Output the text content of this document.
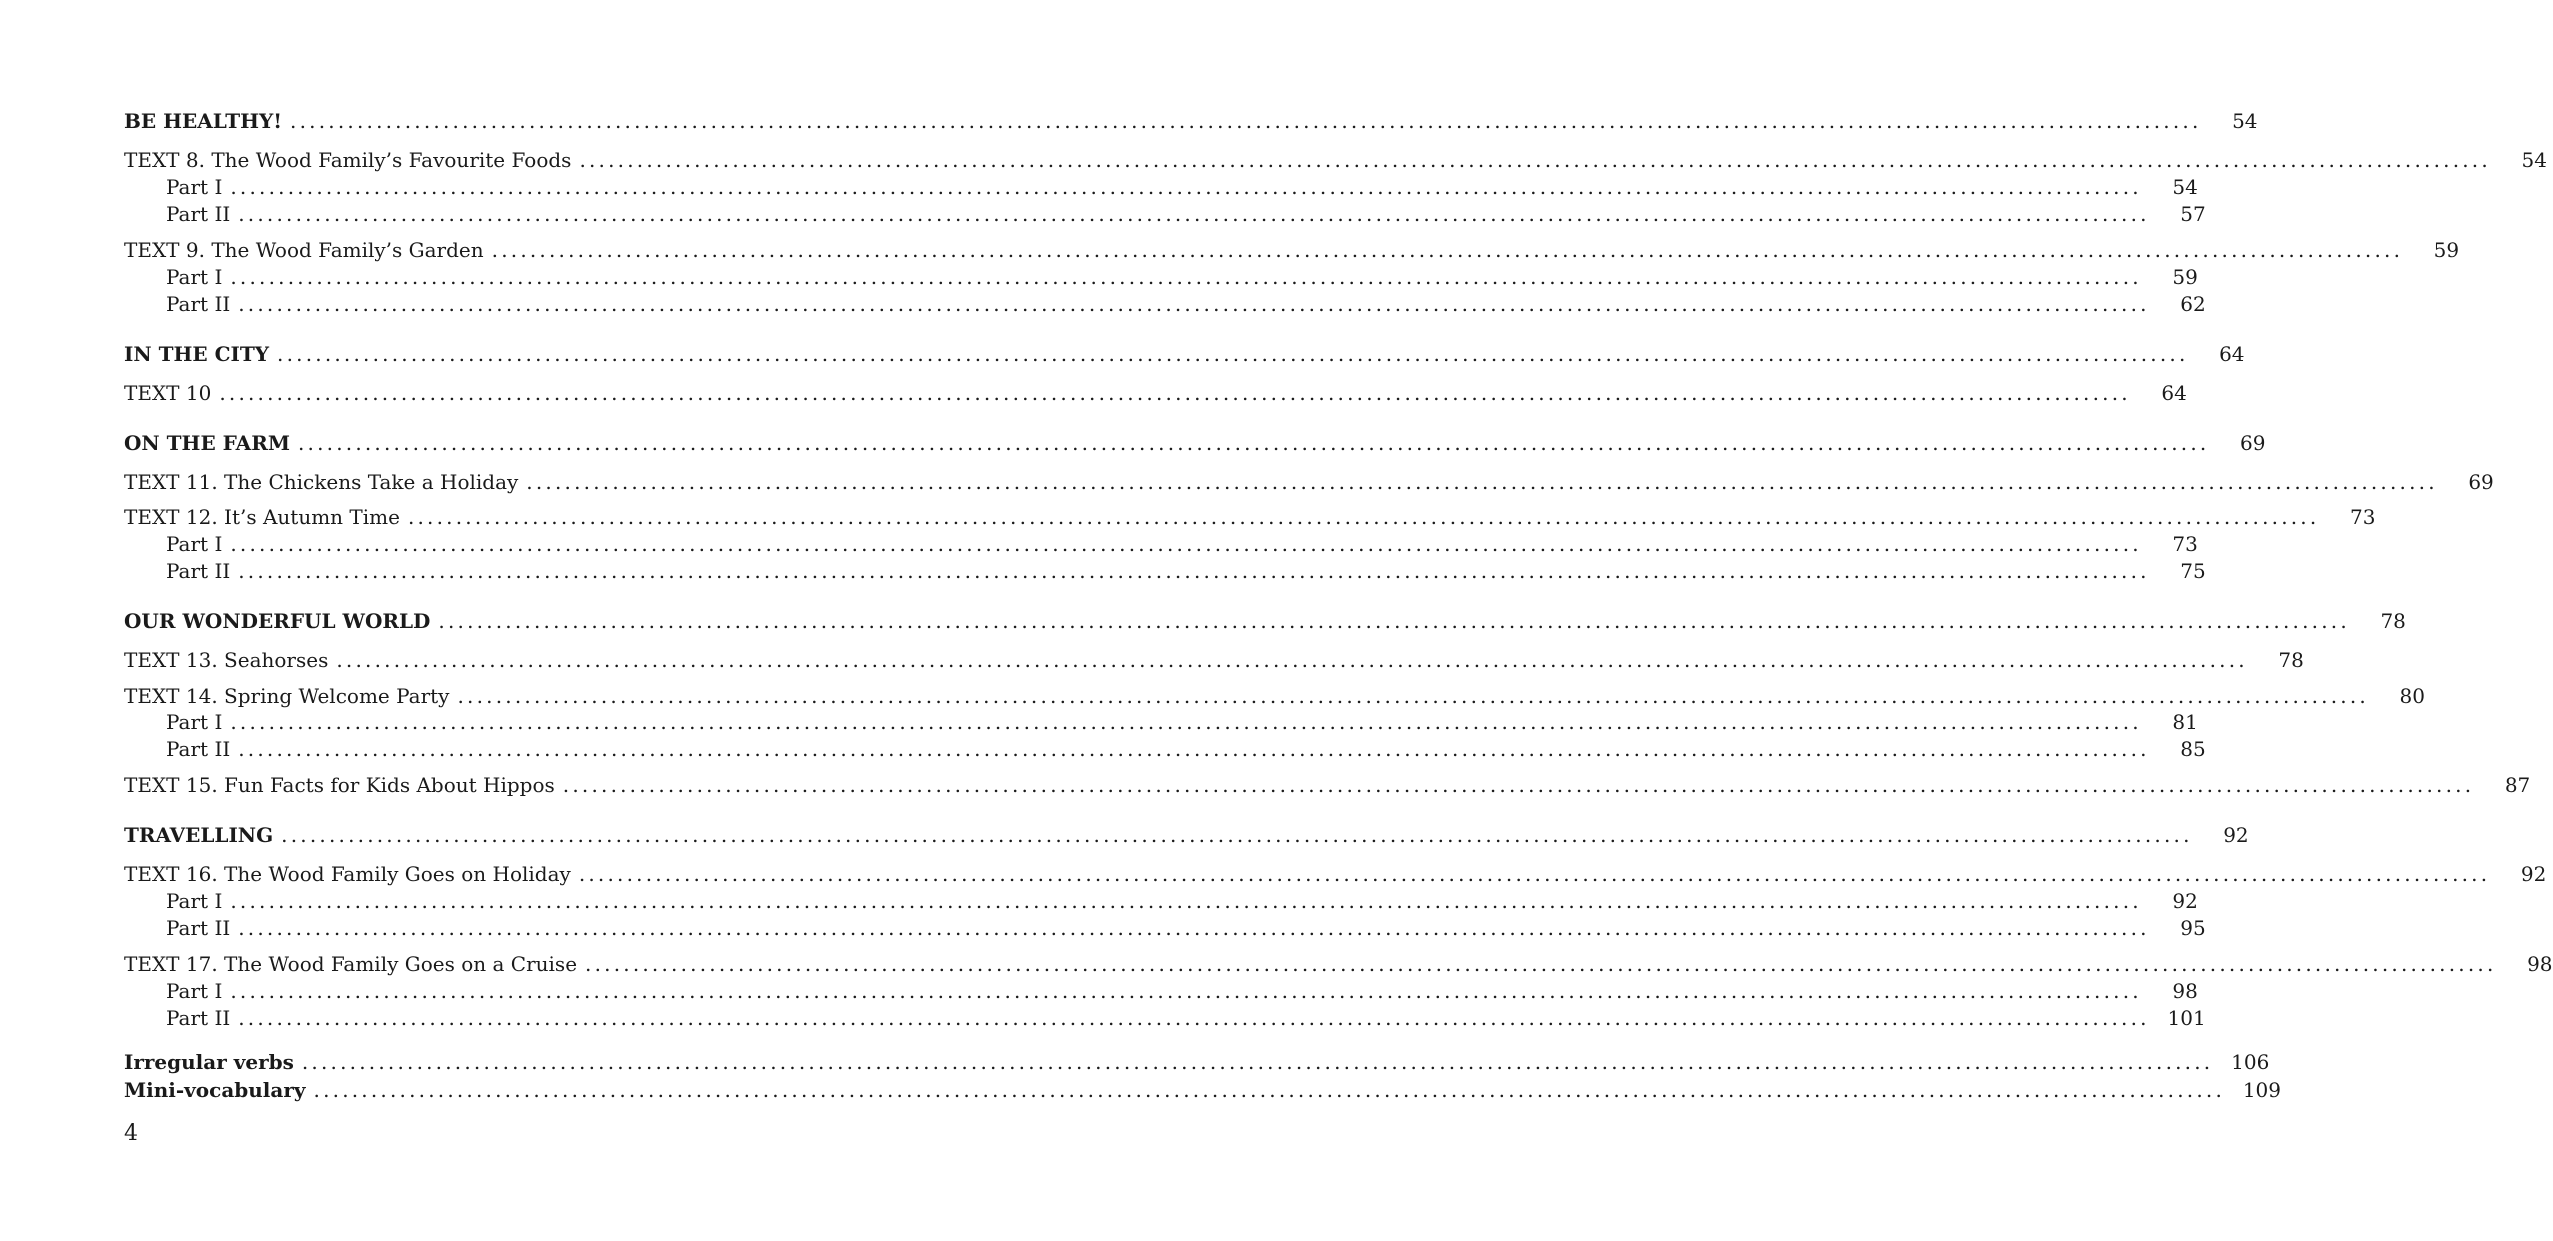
BE HEALTHY! ........................................................................................................................................................................................................	54
TEXT 8. The Wood Family’s Favourite Foods ........................................................................................................................................................................................................	54
Part I ........................................................................................................................................................................................................	54
Part II ........................................................................................................................................................................................................	57
TEXT 9. The Wood Family’s Garden ........................................................................................................................................................................................................	59
Part I ........................................................................................................................................................................................................	59
Part II ........................................................................................................................................................................................................	62
IN THE CITY ........................................................................................................................................................................................................	64
TEXT 10 ........................................................................................................................................................................................................	64
ON THE FARM ........................................................................................................................................................................................................	69
TEXT 11. The Chickens Take a Holiday ........................................................................................................................................................................................................	69
TEXT 12. It’s Autumn Time ........................................................................................................................................................................................................	73
Part I ........................................................................................................................................................................................................	73
Part II ........................................................................................................................................................................................................	75
OUR WONDERFUL WORLD ........................................................................................................................................................................................................	78
TEXT 13. Seahorses ........................................................................................................................................................................................................	78
TEXT 14. Spring Welcome Party ........................................................................................................................................................................................................	80
Part I ........................................................................................................................................................................................................	81
Part II ........................................................................................................................................................................................................	85
TEXT 15. Fun Facts for Kids About Hippos ........................................................................................................................................................................................................	87
TRAVELLING ........................................................................................................................................................................................................	92
TEXT 16. The Wood Family Goes on Holiday ........................................................................................................................................................................................................	92
Part I ........................................................................................................................................................................................................	92
Part II ........................................................................................................................................................................................................	95
TEXT 17. The Wood Family Goes on a Cruise ........................................................................................................................................................................................................	98
Part I ........................................................................................................................................................................................................	98
Part II ........................................................................................................................................................................................................ 101
Irregular verbs ........................................................................................................................................................................................................ 106
Mini-vocabulary ........................................................................................................................................................................................................ 109
4
